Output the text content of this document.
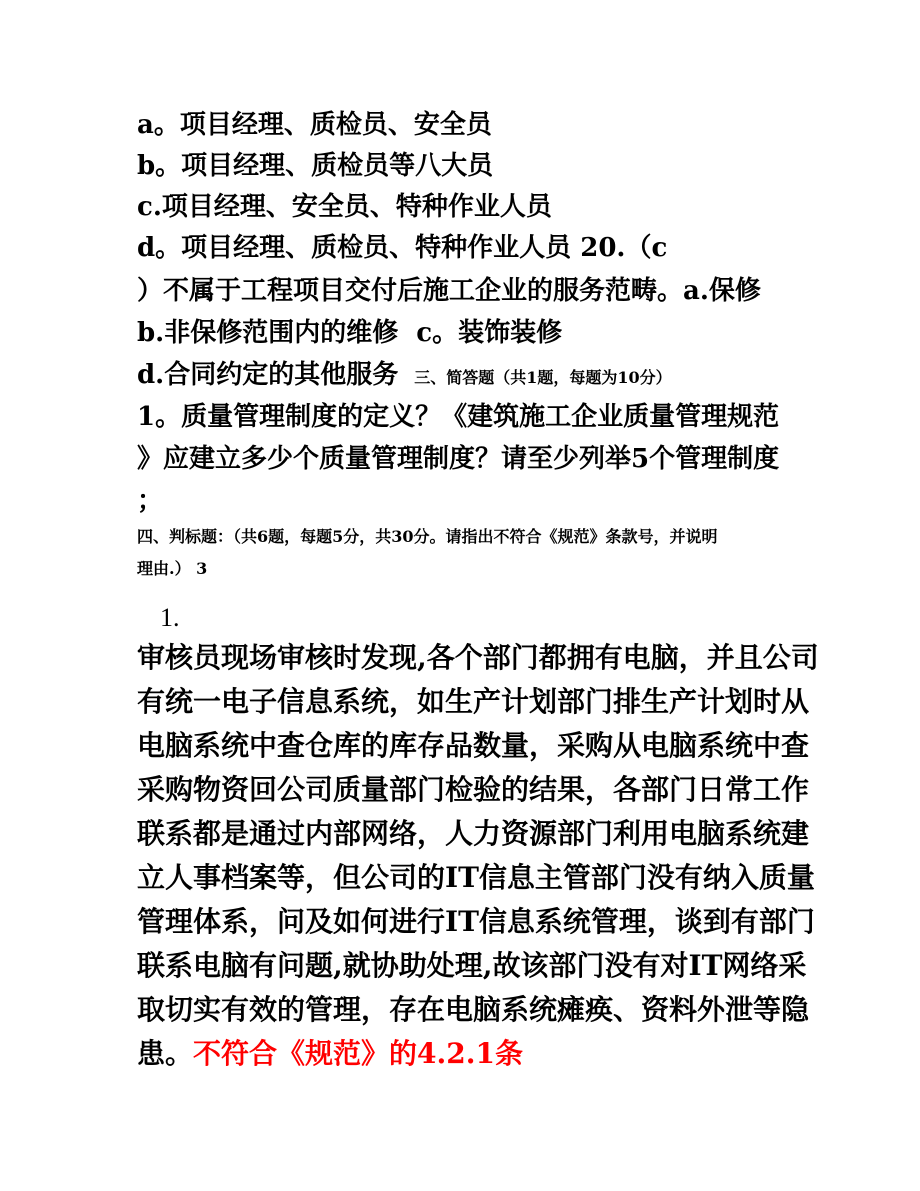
a。项目经理、质检员、安全员
b。项目经理、质检员等八大员
c.项目经理、安全员、特种作业人员
d。项目经理、质检员、特种作业人员 20.（c
）不属于工程项目交付后施工企业的服务范畴。a.保修
b.非保修范围内的维修 c。装饰装修
d.合同约定的其他服务 三、简答题（共1题，每题为10分）
1。质量管理制度的定义？《建筑施工企业质量管理规范
》应建立多少个质量管理制度？请至少列举5个管理制度
；
四、判标题：（共6题，每题5分，共30分。请指出不符合《规范》条款号，并说明
理由.） 3
1.
审核员现场审核时发现,各个部门都拥有电脑，并且公司
有统一电子信息系统，如生产计划部门排生产计划时从
电脑系统中查仓库的库存品数量，采购从电脑系统中查
采购物资回公司质量部门检验的结果，各部门日常工作
联系都是通过内部网络，人力资源部门利用电脑系统建
立人事档案等，但公司的IT信息主管部门没有纳入质量
管理体系，问及如何进行IT信息系统管理，谈到有部门
联系电脑有问题,就协助处理,故该部门没有对IT网络采
取切实有效的管理，存在电脑系统瘫痪、资料外泄等隐
患。不符合《规范》的4.2.1条
